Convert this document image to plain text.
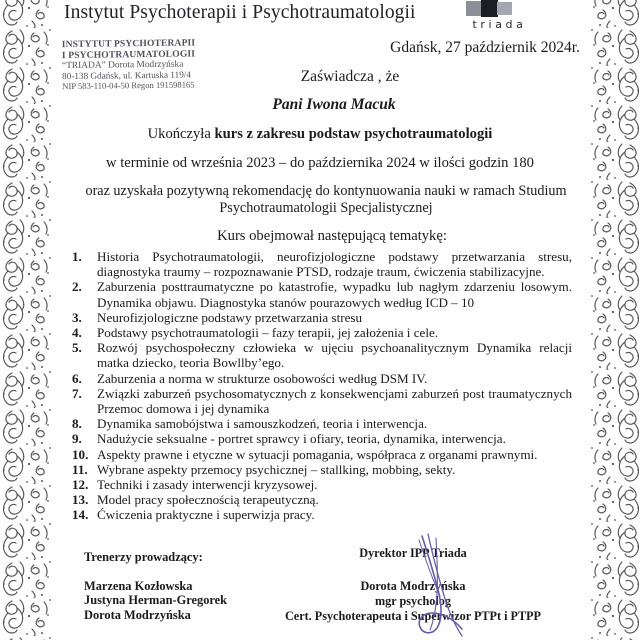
Instytut Psychoterapii i Psychotraumatologii
triada
INSTYTUT PSYCHOTERAPII
I PSYCHOTRAUMATOLOGII
“TRIADA” Dorota Modrzyńska
80-138 Gdańsk, ul. Kartuska 119/4
NIP 583-110-04-50 Regon 191598165
Gdańsk, 27 październik 2024r.
Zaświadcza , że
Pani Iwona Macuk
Ukończyła kurs z zakresu podstaw psychotraumatologii
w terminie od września 2023 – do października 2024 w ilości godzin 180
oraz uzyskała pozytywną rekomendację do kontynuowania nauki w ramach Studium Psychotraumatologii Specjalistycznej
Kurs obejmował następującą tematykę:
1.	Historia Psychotraumatologii, neurofizjologiczne podstawy przetwarzania stresu, diagnostyka traumy – rozpoznawanie PTSD, rodzaje traum, ćwiczenia stabilizacyjne.
2.	Zaburzenia posttraumatyczne po katastrofie, wypadku lub nagłym zdarzeniu losowym. Dynamika objawu. Diagnostyka stanów pourazowych według ICD – 10
3.	Neurofizjologiczne podstawy przetwarzania stresu
4.	Podstawy psychotraumatologii – fazy terapii, jej założenia i cele.
5.	Rozwój psychospołeczny człowieka w ujęciu psychoanalitycznym Dynamika relacji matka dziecko, teoria Bowllby’ego.
6.	Zaburzenia a norma w strukturze osobowości według DSM IV.
7.	Związki zaburzeń psychosomatycznych z konsekwencjami zaburzeń post traumatycznych Przemoc domowa i jej dynamika
8.	Dynamika samobójstwa i samouszkodzeń, teoria i interwencja.
9.	Nadużycie seksualne - portret sprawcy i ofiary, teoria, dynamika, interwencja.
10. Aspekty prawne i etyczne w sytuacji pomagania, współpraca z organami prawnymi.
11. Wybrane aspekty przemocy psychicznej – stallking, mobbing, sekty.
12. Techniki i zasady interwencji kryzysowej.
13. Model pracy społecznością terapeutyczną.
14. Ćwiczenia praktyczne i superwizja pracy.
Trenerzy prowadzący:
Marzena Kozłowska
Justyna Herman-Gregorek
Dorota Modrzyńska
Dyrektor IPP Triada
Dorota Modrzyńska
mgr psycholog
Cert. Psychoterapeuta i Superwizor PTPt i PTPP
